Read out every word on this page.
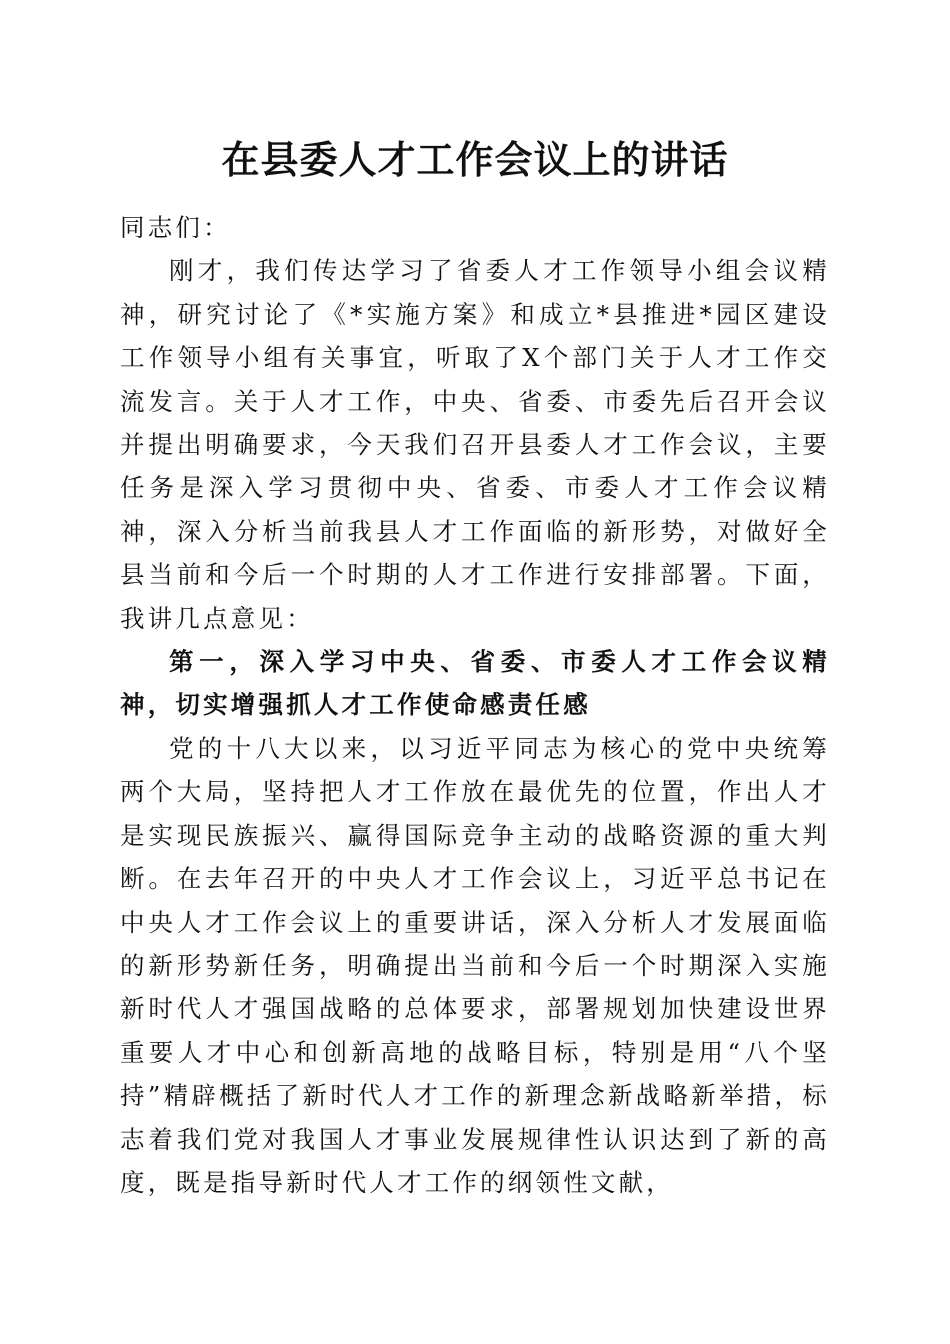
在县委人才工作会议上的讲话

同志们：

刚才，我们传达学习了省委人才工作领导小组会议精神，研究讨论了《*实施方案》和成立*县推进*园区建设工作领导小组有关事宜，听取了X个部门关于人才工作交流发言。关于人才工作，中央、省委、市委先后召开会议并提出明确要求，今天我们召开县委人才工作会议，主要任务是深入学习贯彻中央、省委、市委人才工作会议精神，深入分析当前我县人才工作面临的新形势，对做好全县当前和今后一个时期的人才工作进行安排部署。下面，我讲几点意见：

第一，深入学习中央、省委、市委人才工作会议精神，切实增强抓人才工作使命感责任感

党的十八大以来，以习近平同志为核心的党中央统筹两个大局，坚持把人才工作放在最优先的位置，作出人才是实现民族振兴、赢得国际竞争主动的战略资源的重大判断。在去年召开的中央人才工作会议上，习近平总书记在中央人才工作会议上的重要讲话，深入分析人才发展面临的新形势新任务，明确提出当前和今后一个时期深入实施新时代人才强国战略的总体要求，部署规划加快建设世界重要人才中心和创新高地的战略目标，特别是用“八个坚持”精辟概括了新时代人才工作的新理念新战略新举措，标志着我们党对我国人才事业发展规律性认识达到了新的高度，既是指导新时代人才工作的纲领性文献，
